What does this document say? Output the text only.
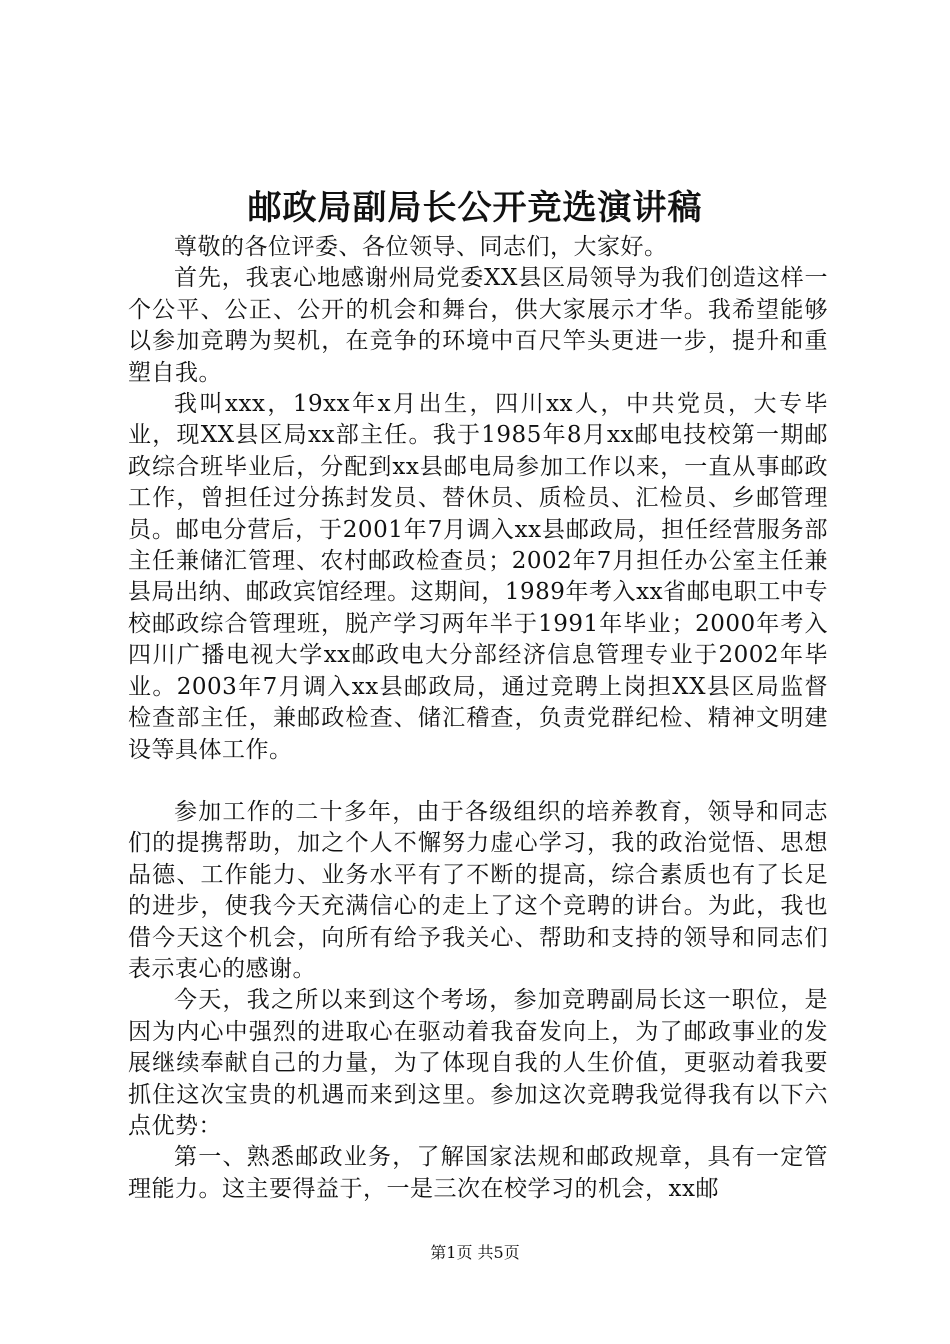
邮政局副局长公开竞选演讲稿

尊敬的各位评委、各位领导、同志们，大家好。

首先，我衷心地感谢州局党委XX县区局领导为我们创造这样一个公平、公正、公开的机会和舞台，供大家展示才华。我希望能够以参加竞聘为契机，在竞争的环境中百尺竿头更进一步，提升和重塑自我。

我叫xxx，19xx年x月出生，四川xx人，中共党员，大专毕业，现XX县区局xx部主任。我于1985年8月xx邮电技校第一期邮政综合班毕业后，分配到xx县邮电局参加工作以来，一直从事邮政工作，曾担任过分拣封发员、替休员、质检员、汇检员、乡邮管理员。邮电分营后，于2001年7月调入xx县邮政局，担任经营服务部主任兼储汇管理、农村邮政检查员；2002年7月担任办公室主任兼县局出纳、邮政宾馆经理。这期间，1989年考入xx省邮电职工中专校邮政综合管理班，脱产学习两年半于1991年毕业；2000年考入四川广播电视大学xx邮政电大分部经济信息管理专业于2002年毕业。2003年7月调入xx县邮政局，通过竞聘上岗担XX县区局监督检查部主任，兼邮政检查、储汇稽查，负责党群纪检、精神文明建设等具体工作。

参加工作的二十多年，由于各级组织的培养教育，领导和同志们的提携帮助，加之个人不懈努力虚心学习，我的政治觉悟、思想品德、工作能力、业务水平有了不断的提高，综合素质也有了长足的进步，使我今天充满信心的走上了这个竞聘的讲台。为此，我也借今天这个机会，向所有给予我关心、帮助和支持的领导和同志们表示衷心的感谢。

今天，我之所以来到这个考场，参加竞聘副局长这一职位，是因为内心中强烈的进取心在驱动着我奋发向上，为了邮政事业的发展继续奉献自己的力量，为了体现自我的人生价值，更驱动着我要抓住这次宝贵的机遇而来到这里。参加这次竞聘我觉得我有以下六点优势：

第一、熟悉邮政业务，了解国家法规和邮政规章，具有一定管理能力。这主要得益于，一是三次在校学习的机会，xx邮

第1页 共5页
